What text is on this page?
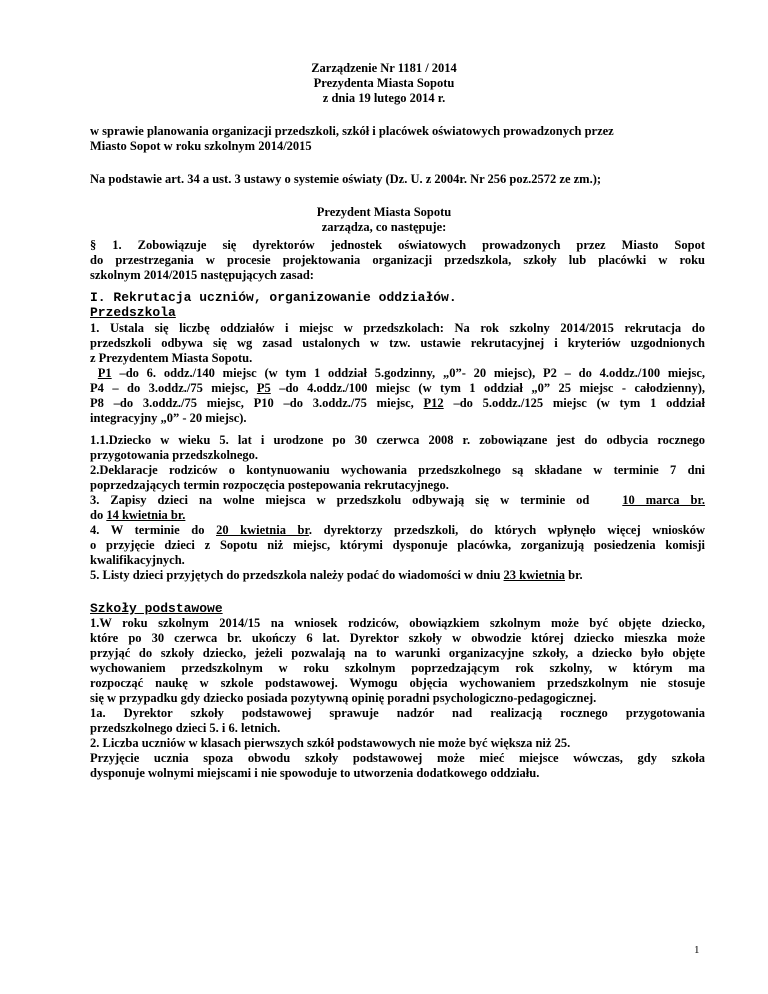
Zarządzenie Nr 1181 / 2014
Prezydenta Miasta Sopotu
z dnia 19 lutego 2014 r.
w sprawie planowania organizacji przedszkoli, szkół i placówek oświatowych prowadzonych przez
Miasto Sopot w roku szkolnym 2014/2015
Na podstawie art. 34 a ust. 3 ustawy o systemie oświaty (Dz. U. z 2004r. Nr 256 poz.2572 ze zm.);
Prezydent Miasta Sopotu
zarządza, co następuje:
§ 1. Zobowiązuje się dyrektorów jednostek oświatowych prowadzonych przez Miasto Sopot
do przestrzegania w procesie projektowania organizacji przedszkola, szkoły lub placówki w roku
szkolnym 2014/2015 następujących zasad:
I. Rekrutacja uczniów, organizowanie oddziałów.
Przedszkola
1. Ustala się liczbę oddziałów i miejsc w przedszkolach: Na rok szkolny 2014/2015 rekrutacja do
przedszkoli odbywa się wg zasad ustalonych w tzw. ustawie rekrutacyjnej i kryteriów uzgodnionych
z Prezydentem Miasta Sopotu.
P1 –do 6. oddz./140 miejsc (w tym 1 oddział 5.godzinny, „0”- 20 miejsc), P2 – do 4.oddz./100 miejsc,
P4 – do 3.oddz./75 miejsc, P5 –do 4.oddz./100 miejsc (w tym 1 oddział „0” 25 miejsc - całodzienny),
P8 –do 3.oddz./75 miejsc, P10 –do 3.oddz./75 miejsc, P12 –do 5.oddz./125 miejsc (w tym 1 oddział
integracyjny „0” - 20 miejsc).
1.1.Dziecko w wieku 5. lat i urodzone po 30 czerwca 2008 r. zobowiązane jest do odbycia rocznego
przygotowania przedszkolnego.
2.Deklaracje rodziców o kontynuowaniu wychowania przedszkolnego są składane w terminie 7 dni
poprzedzających termin rozpoczęcia postepowania rekrutacyjnego.
3. Zapisy dzieci na wolne miejsca w przedszkolu odbywają się w terminie od	10 marca br.
do 14 kwietnia br.
4. W terminie do 20 kwietnia br. dyrektorzy przedszkoli, do których wpłynęło więcej wniosków
o przyjęcie dzieci z Sopotu niż miejsc, którymi dysponuje placówka, zorganizują posiedzenia komisji
kwalifikacyjnych.
5. Listy dzieci przyjętych do przedszkola należy podać do wiadomości w dniu 23 kwietnia br.
Szkoły podstawowe
1.W roku szkolnym 2014/15 na wniosek rodziców, obowiązkiem szkolnym może być objęte dziecko,
które po 30 czerwca br. ukończy 6 lat. Dyrektor szkoły w obwodzie której dziecko mieszka może
przyjąć do szkoły dziecko, jeżeli pozwalają na to warunki organizacyjne szkoły, a dziecko było objęte
wychowaniem przedszkolnym w roku szkolnym poprzedzającym rok szkolny, w którym ma
rozpocząć naukę w szkole podstawowej. Wymogu objęcia wychowaniem przedszkolnym nie stosuje
się w przypadku gdy dziecko posiada pozytywną opinię poradni psychologiczno-pedagogicznej.
1a. Dyrektor szkoły podstawowej sprawuje nadzór nad realizacją rocznego przygotowania
przedszkolnego dzieci 5. i 6. letnich.
2. Liczba uczniów w klasach pierwszych szkół podstawowych nie może być większa niż 25.
Przyjęcie ucznia spoza obwodu szkoły podstawowej może mieć miejsce wówczas, gdy szkoła
dysponuje wolnymi miejscami i nie spowoduje to utworzenia dodatkowego oddziału.
1
